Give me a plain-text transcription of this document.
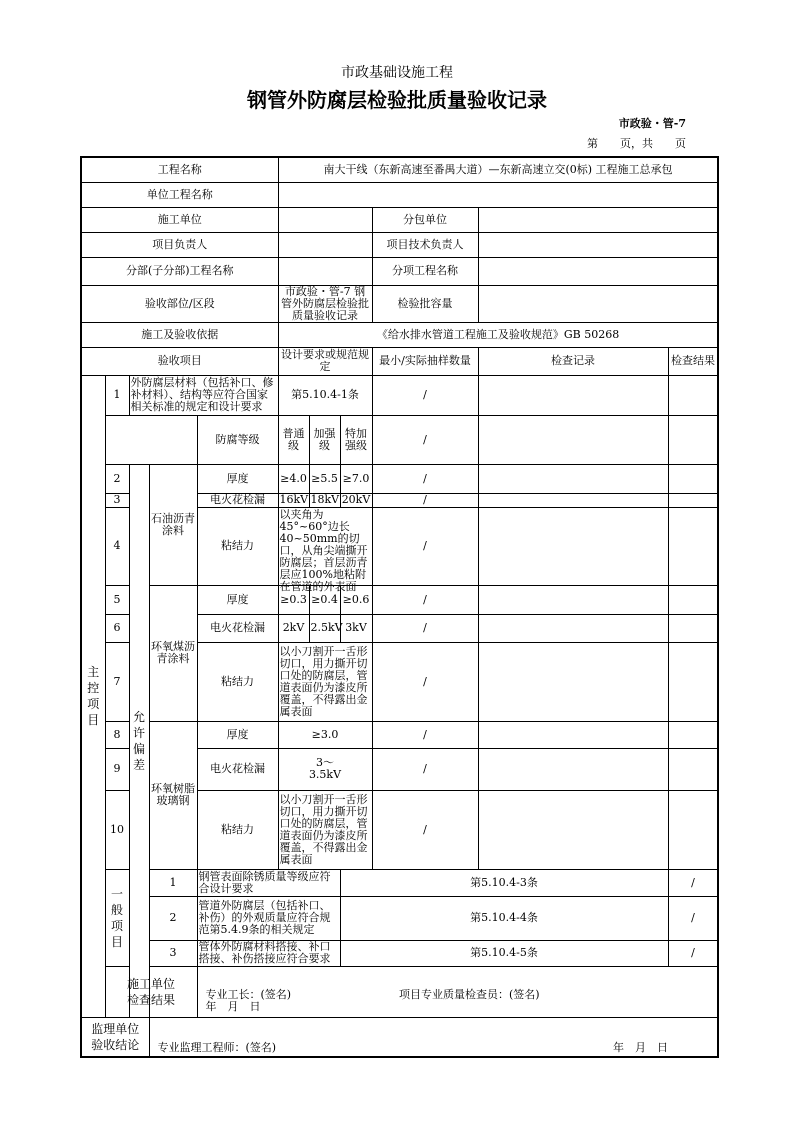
市政基础设施工程
钢管外防腐层检验批质量验收记录
市政验・管-7
第　　页，共　　页
工程名称					南大干线（东新高速至番禺大道）—东新高速立交(0标) 工程施工总承包						
单位工程名称											
施工单位								分包单位			
项目负责人								项目技术负责人			
分部(子分部)工程名称								分项工程名称			
验收部位/区段					市政验・管-7 钢管外防腐层检验批质量验收记录			检验批容量			
施工及验收依据					《给水排水管道工程施工及验收规范》GB 50268						
验收项目					设计要求或规范规定			最小/实际抽样数量	检查记录	检查结果	
主控项目	1	外防腐层材料（包括补口、修补材料）、结构等应符合国家相关标准的规定和设计要求			第5.10.4-1条			/			
				防腐等级	普通级	加强级	特加强级	/			
	2	允许偏差	石油沥青涂料	厚度	≥4.0	≥5.5	≥7.0	/			
	3			电火花检漏	16kV	18kV	20kV	/			
	4			粘结力	以夹角为45°~60°边长40~50mm的切口，从角尖端撕开防腐层；首层沥青层应100%地粘附在管道的外表面			/			
	5		环氧煤沥青涂料	厚度	≥0.3	≥0.4	≥0.6	/			
	6			电火花检漏	2kV	2.5kV	3kV	/			
	7			粘结力	以小刀割开一舌形切口，用力撕开切口处的防腐层，管道表面仍为漆皮所覆盖，不得露出金属表面			/			
	8		环氧树脂玻璃钢	厚度	≥3.0			/			
	9			电火花检漏	3～3.5kV			/			
	10			粘结力	以小刀割开一舌形切口，用力撕开切口处的防腐层，管道表面仍为漆皮所覆盖，不得露出金属表面			/			
	一般项目		1	钢管表面除锈质量等级应符合设计要求			第5.10.4-3条			/		
			2	管道外防腐层（包括补口、补伤）的外观质量应符合规范第5.4.9条的相关规定			第5.10.4-4条			/		
			3	管体外防腐材料搭接、补口搭接、补伤搭接应符合要求			第5.10.4-5条			/		

	施工单位检查结果			专业工长：(签名) 项目专业质量检查员：(签名) 年　月　日							

监理单位验收结论			专业监理工程师：(签名) 年　月　日								
